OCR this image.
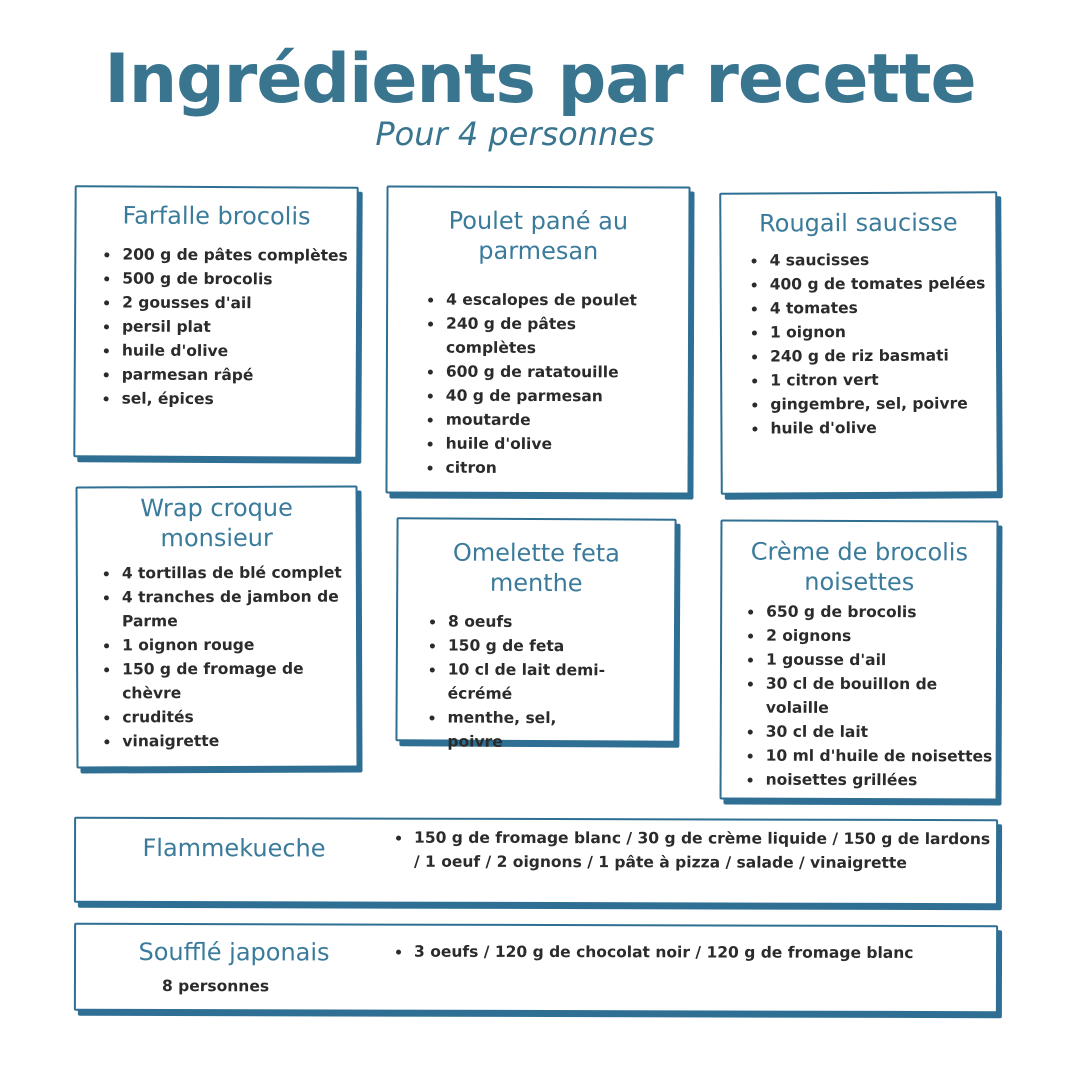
Ingrédients par recette
Pour 4 personnes
Farfalle brocolis
• 200 g de pâtes complètes
• 500 g de brocolis
• 2 gousses d'ail
• persil plat
• huile d'olive
• parmesan râpé
• sel, épices
Poulet pané au parmesan
• 4 escalopes de poulet
• 240 g de pâtes complètes
• 600 g de ratatouille
• 40 g de parmesan
• moutarde
• huile d'olive
• citron
Rougail saucisse
• 4 saucisses
• 400 g de tomates pelées
• 4 tomates
• 1 oignon
• 240 g de riz basmati
• 1 citron vert
• gingembre, sel, poivre
• huile d'olive
Wrap croque monsieur
• 4 tortillas de blé complet
• 4 tranches de jambon de Parme
• 1 oignon rouge
• 150 g de fromage de chèvre
• crudités
• vinaigrette
Omelette feta menthe
• 8 oeufs
• 150 g de feta
• 10 cl de lait demi-écrémé
• menthe, sel, poivre
Crème de brocolis noisettes
• 650 g de brocolis
• 2 oignons
• 1 gousse d'ail
• 30 cl de bouillon de volaille
• 30 cl de lait
• 10 ml d'huile de noisettes
• noisettes grillées
Flammekueche
•	150 g de fromage blanc / 30 g de crème liquide / 150 g de lardons / 1 oeuf / 2 oignons / 1 pâte à pizza / salade / vinaigrette
Soufflé japonais
8 personnes
• 3 oeufs / 120 g de chocolat noir / 120 g de fromage blanc
